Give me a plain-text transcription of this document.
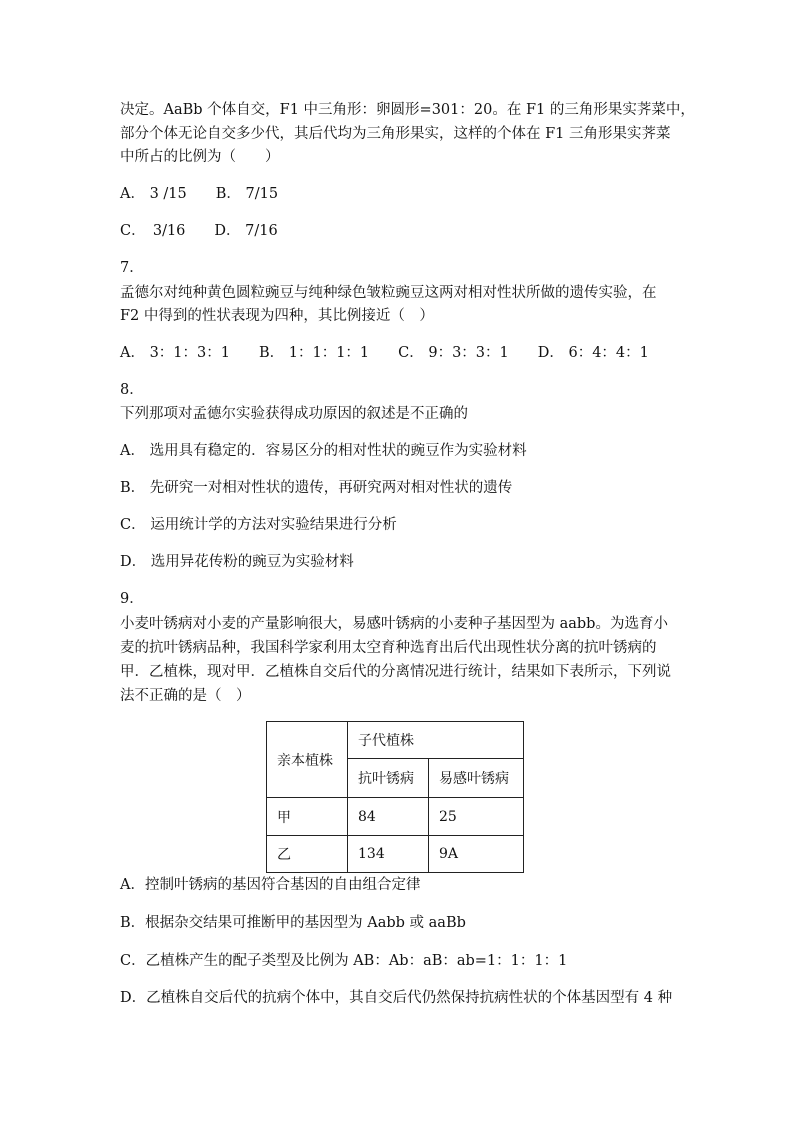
决定。AaBb 个体自交，F1 中三角形：卵圆形=301：20。在 F1 的三角形果实荠菜中，
部分个体无论自交多少代，其后代均为三角形果实，这样的个体在 F1 三角形果实荠菜
中所占的比例为（　　）
A． 3 /15　　B． 7/15
C．　3/16　　D． 7/16
7．
孟德尔对纯种黄色圆粒豌豆与纯种绿色皱粒豌豆这两对相对性状所做的遗传实验，在
F2 中得到的性状表现为四种，其比例接近（　）
A． 3：1：3：1　　B． 1：1：1：1　　C． 9：3：3：1　　D． 6：4：4：1
8．
下列那项对孟德尔实验获得成功原因的叙述是不正确的
A． 选用具有稳定的．容易区分的相对性状的豌豆作为实验材料
B． 先研究一对相对性状的遗传，再研究两对相对性状的遗传
C． 运用统计学的方法对实验结果进行分析
D． 选用异花传粉的豌豆为实验材料
9．
小麦叶锈病对小麦的产量影响很大，易感叶锈病的小麦种子基因型为 aabb。为选育小
麦的抗叶锈病品种，我国科学家利用太空育种选育出后代出现性状分离的抗叶锈病的
甲．乙植株，现对甲．乙植株自交后代的分离情况进行统计，结果如下表所示，下列说
法不正确的是（　）
亲本植株	子代植株	
	抗叶锈病	易感叶锈病
甲	84	25
乙	134	9A
A．控制叶锈病的基因符合基因的自由组合定律
B．根据杂交结果可推断甲的基因型为 Aabb 或 aaBb
C．乙植株产生的配子类型及比例为 AB：Ab：aB：ab=1：1：1：1
D．乙植株自交后代的抗病个体中，其自交后代仍然保持抗病性状的个体基因型有 4 种
